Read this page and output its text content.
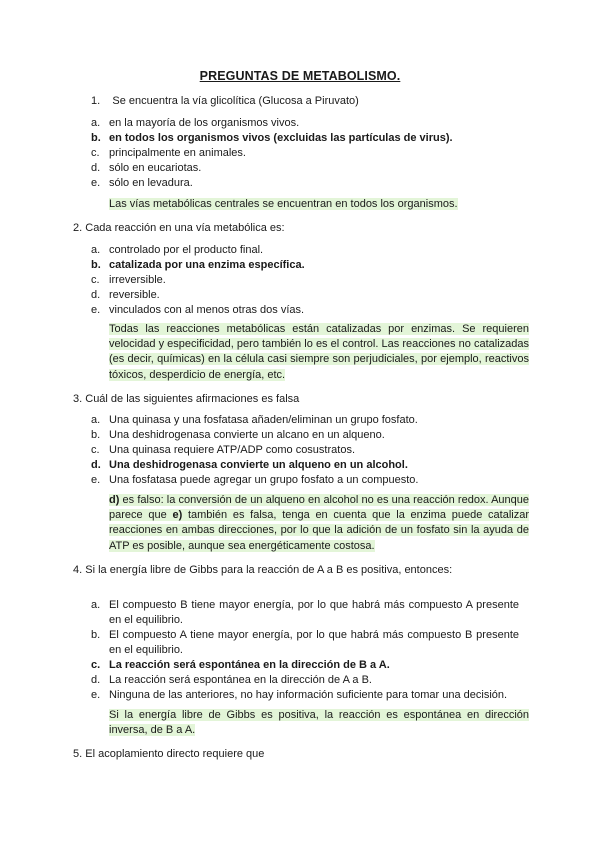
PREGUNTAS DE METABOLISMO.
1. Se encuentra la vía glicolítica (Glucosa a Piruvato)
a. en la mayoría de los organismos vivos.
b. en todos los organismos vivos (excluidas las partículas de virus).
c. principalmente en animales.
d. sólo en eucariotas.
e. sólo en levadura.
Las vías metabólicas centrales se encuentran en todos los organismos.
2. Cada reacción en una vía metabólica es:
a. controlado por el producto final.
b. catalizada por una enzima específica.
c. irreversible.
d. reversible.
e. vinculados con al menos otras dos vías.
Todas las reacciones metabólicas están catalizadas por enzimas. Se requieren velocidad y especificidad, pero también lo es el control. Las reacciones no catalizadas (es decir, químicas) en la célula casi siempre son perjudiciales, por ejemplo, reactivos tóxicos, desperdicio de energía, etc.
3. Cuál de las siguientes afirmaciones es falsa
a. Una quinasa y una fosfatasa añaden/eliminan un grupo fosfato.
b. Una deshidrogenasa convierte un alcano en un alqueno.
c. Una quinasa requiere ATP/ADP como cosustratos.
d. Una deshidrogenasa convierte un alqueno en un alcohol.
e. Una fosfatasa puede agregar un grupo fosfato a un compuesto.
d) es falso: la conversión de un alqueno en alcohol no es una reacción redox. Aunque parece que e) también es falsa, tenga en cuenta que la enzima puede catalizar reacciones en ambas direcciones, por lo que la adición de un fosfato sin la ayuda de ATP es posible, aunque sea energéticamente costosa.
4. Si la energía libre de Gibbs para la reacción de A a B es positiva, entonces:
a. El compuesto B tiene mayor energía, por lo que habrá más compuesto A presente en el equilibrio.
b. El compuesto A tiene mayor energía, por lo que habrá más compuesto B presente en el equilibrio.
c. La reacción será espontánea en la dirección de B a A.
d. La reacción será espontánea en la dirección de A a B.
e. Ninguna de las anteriores, no hay información suficiente para tomar una decisión.
Si la energía libre de Gibbs es positiva, la reacción es espontánea en dirección inversa, de B a A.
5. El acoplamiento directo requiere que
